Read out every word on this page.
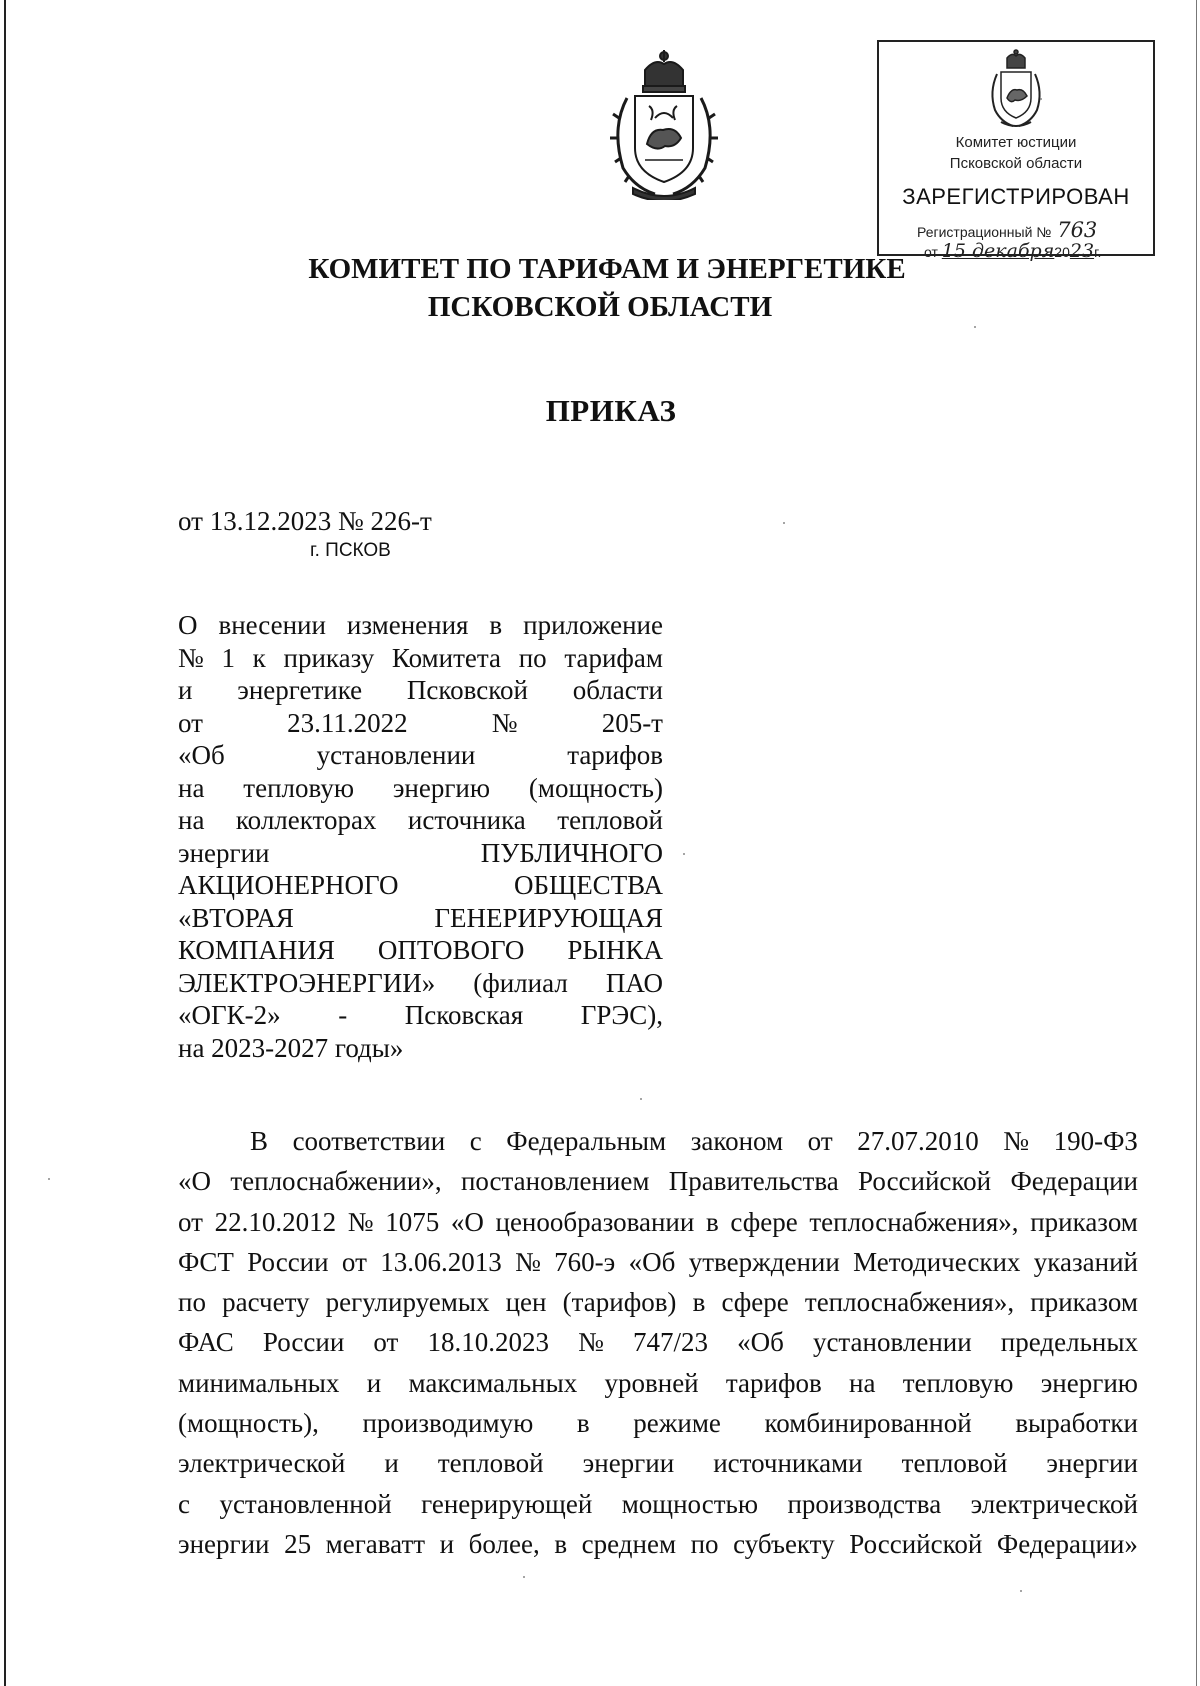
Комитет юстиции
Псковской области
ЗАРЕГИСТРИРОВАН
Регистрационный № 763
от 15 декабря2023г.
КОМИТЕТ ПО ТАРИФАМ И ЭНЕРГЕТИКЕ
ПСКОВСКОЙ ОБЛАСТИ
ПРИКАЗ
от 13.12.2023 № 226-т
г. ПСКОВ
О внесении изменения в приложение
№ 1 к приказу Комитета по тарифам
и энергетике Псковской области
от	23.11.2022	№	205-т
«Об	установлении	тарифов
на тепловую энергию (мощность)
на коллекторах источника тепловой
энергии	ПУБЛИЧНОГО
АКЦИОНЕРНОГО	ОБЩЕСТВА
«ВТОРАЯ	ГЕНЕРИРУЮЩАЯ
КОМПАНИЯ ОПТОВОГО РЫНКА
ЭЛЕКТРОЭНЕРГИИ» (филиал ПАО
«ОГК-2» - Псковская ГРЭС),
на 2023-2027 годы»
В соответствии с Федеральным законом от 27.07.2010 № 190-ФЗ
«О теплоснабжении», постановлением Правительства Российской Федерации
от 22.10.2012 № 1075 «О ценообразовании в сфере теплоснабжения», приказом
ФСТ России от 13.06.2013 № 760-э «Об утверждении Методических указаний
по расчету регулируемых цен (тарифов) в сфере теплоснабжения», приказом
ФАС России от 18.10.2023 № 747/23 «Об установлении предельных
минимальных и максимальных уровней тарифов на тепловую энергию
(мощность), производимую в режиме комбинированной выработки
электрической и тепловой энергии источниками тепловой энергии
с установленной генерирующей мощностью производства электрической
энергии 25 мегаватт и более, в среднем по субъекту Российской Федерации»
